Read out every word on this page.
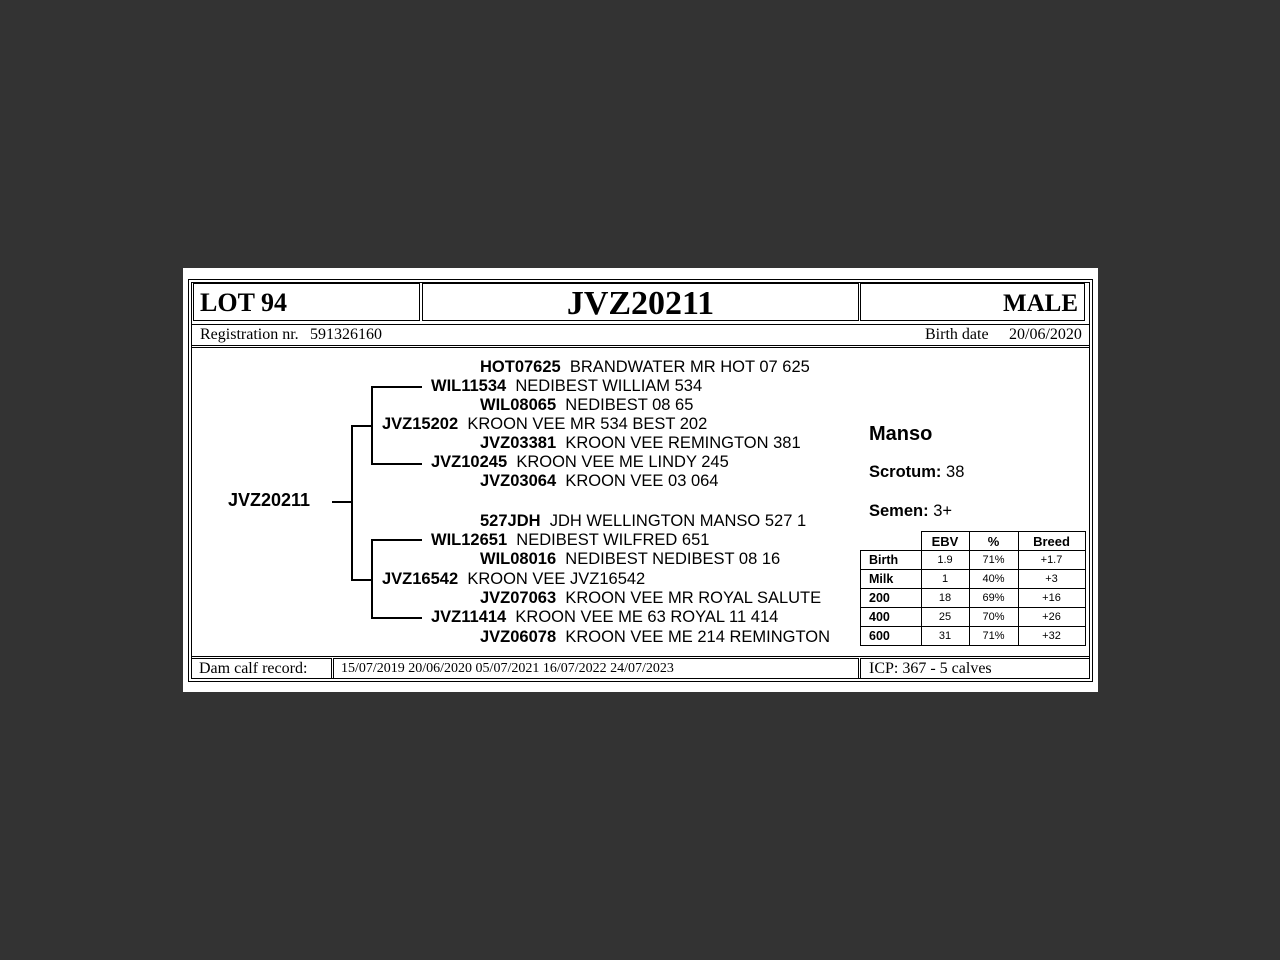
LOT 94	JVZ20211	MALE
Registration nr. 591326160	Birth date 20/06/2020
JVZ20211
HOT07625 BRANDWATER MR HOT 07 625
WIL11534 NEDIBEST WILLIAM 534
WIL08065 NEDIBEST 08 65
JVZ15202 KROON VEE MR 534 BEST 202
JVZ03381 KROON VEE REMINGTON 381
JVZ10245 KROON VEE ME LINDY 245
JVZ03064 KROON VEE 03 064
527JDH JDH WELLINGTON MANSO 527 1
WIL12651 NEDIBEST WILFRED 651
WIL08016 NEDIBEST NEDIBEST 08 16
JVZ16542 KROON VEE JVZ16542
JVZ07063 KROON VEE MR ROYAL SALUTE
JVZ11414 KROON VEE ME 63 ROYAL 11 414
JVZ06078 KROON VEE ME 214 REMINGTON
Manso
Scrotum: 38
Semen: 3+
	EBV	%	Breed
Birth	1.9	71%	+1.7
Milk	1	40%	+3
200	18	69%	+16
400	25	70%	+26
600	31	71%	+32
Dam calf record: 15/07/2019 20/06/2020 05/07/2021 16/07/2022 24/07/2023	ICP: 367 - 5 calves
